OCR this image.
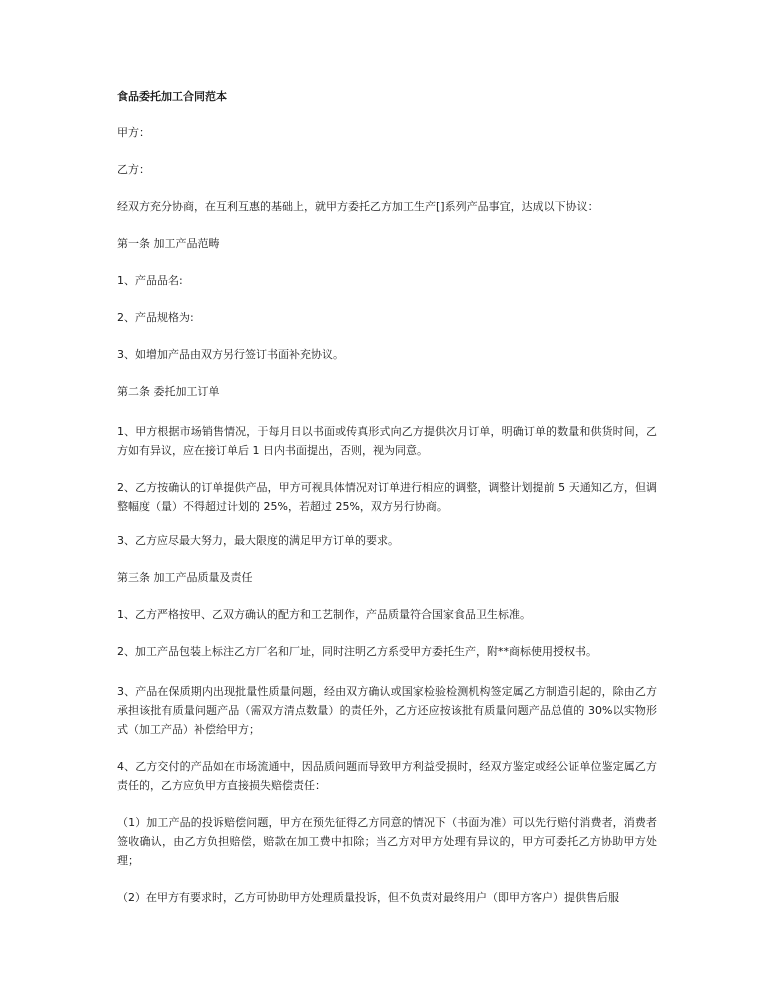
食品委托加工合同范本
甲方：
乙方：
经双方充分协商，在互利互惠的基础上，就甲方委托乙方加工生产[]系列产品事宜，达成以下协议：
第一条 加工产品范畴
1、产品品名:
2、产品规格为:
3、如增加产品由双方另行签订书面补充协议。
第二条 委托加工订单
1、甲方根据市场销售情况，于每月日以书面或传真形式向乙方提供次月订单，明确订单的数量和供货时间，乙方如有异议，应在接订单后 1 日内书面提出，否则，视为同意。
2、乙方按确认的订单提供产品，甲方可视具体情况对订单进行相应的调整，调整计划提前 5 天通知乙方，但调整幅度（量）不得超过计划的 25%，若超过 25%，双方另行协商。
3、乙方应尽最大努力，最大限度的满足甲方订单的要求。
第三条 加工产品质量及责任
1、乙方严格按甲、乙双方确认的配方和工艺制作，产品质量符合国家食品卫生标准。
2、加工产品包装上标注乙方厂名和厂址，同时注明乙方系受甲方委托生产，附**商标使用授权书。
3、产品在保质期内出现批量性质量问题，经由双方确认或国家检验检测机构签定属乙方制造引起的，除由乙方承担该批有质量问题产品（需双方清点数量）的责任外，乙方还应按该批有质量问题产品总值的 30%以实物形式（加工产品）补偿给甲方；
4、乙方交付的产品如在市场流通中，因品质问题而导致甲方利益受损时，经双方鉴定或经公证单位鉴定属乙方责任的，乙方应负甲方直接损失赔偿责任：
（1）加工产品的投诉赔偿问题，甲方在预先征得乙方同意的情况下（书面为准）可以先行赔付消费者，消费者签收确认，由乙方负担赔偿，赔款在加工费中扣除；当乙方对甲方处理有异议的，甲方可委托乙方协助甲方处理；
（2）在甲方有要求时，乙方可协助甲方处理质量投诉，但不负责对最终用户（即甲方客户）提供售后服
